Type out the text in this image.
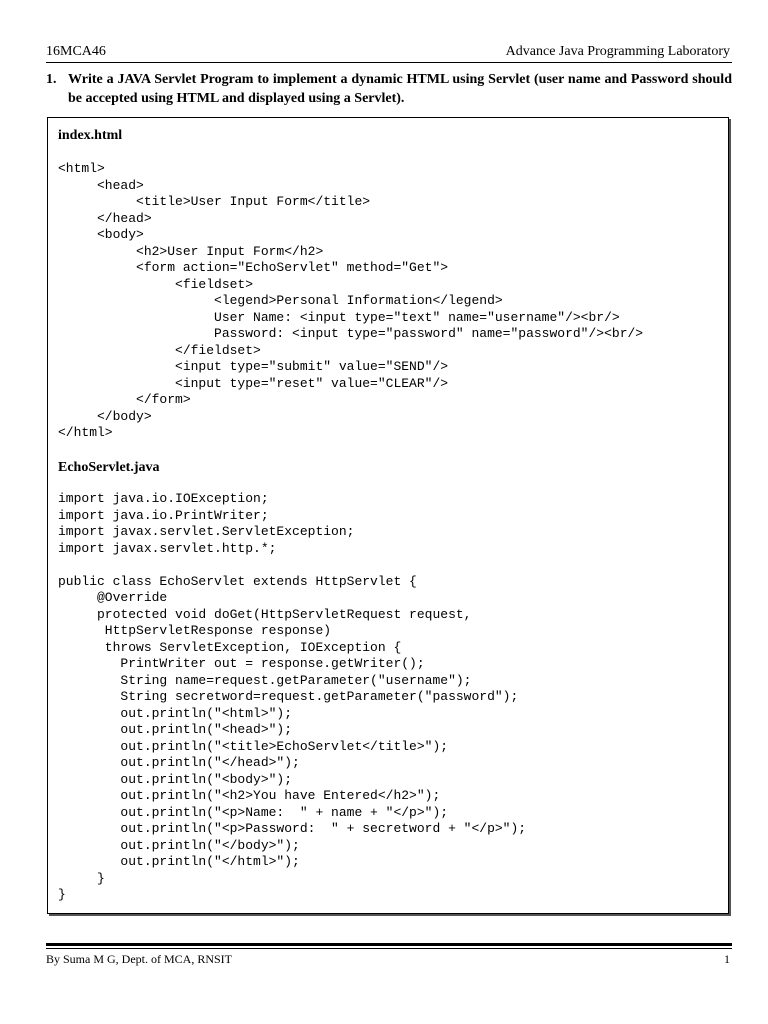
16MCA46	Advance Java Programming Laboratory
1. Write a JAVA Servlet Program to implement a dynamic HTML using Servlet (user name and Password should be accepted using HTML and displayed using a Servlet).
index.html
<html>
<head>
<title>User Input Form</title>
</head>
<body>
<h2>User Input Form</h2>
<form action="EchoServlet" method="Get">
<fieldset>
<legend>Personal Information</legend>
User Name: <input type="text" name="username"/><br/>
Password: <input type="password" name="password"/><br/>
</fieldset>
<input type="submit" value="SEND"/>
<input type="reset" value="CLEAR"/>
</form>
</body>
</html>
EchoServlet.java
import java.io.IOException;
import java.io.PrintWriter;
import javax.servlet.ServletException;
import javax.servlet.http.*;
public class EchoServlet extends HttpServlet {
@Override
protected void doGet(HttpServletRequest request,
HttpServletResponse response)
throws ServletException, IOException {
PrintWriter out = response.getWriter();
String name=request.getParameter("username");
String secretword=request.getParameter("password");
out.println("<html>");
out.println("<head>");
out.println("<title>EchoServlet</title>");
out.println("</head>");
out.println("<body>");
out.println("<h2>You have Entered</h2>");
out.println("<p>Name:  " + name + "</p>");
out.println("<p>Password:  " + secretword + "</p>");
out.println("</body>");
out.println("</html>");
}
}
By Suma M G, Dept. of MCA, RNSIT	1
